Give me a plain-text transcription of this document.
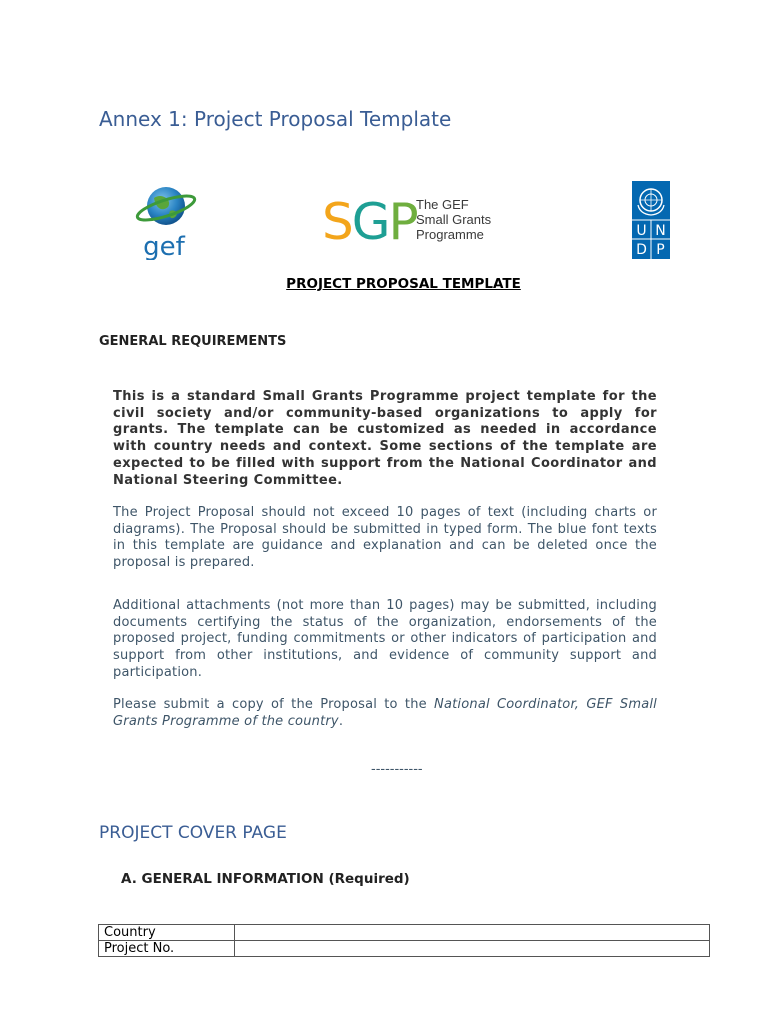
Annex 1: Project Proposal Template
gef	SGP The GEF
Small Grants
Programme	U N
D P
PROJECT PROPOSAL TEMPLATE
GENERAL REQUIREMENTS

This is a standard Small Grants Programme project template for the civil society and/or community-based organizations to apply for grants. The template can be customized as needed in accordance with country needs and context. Some sections of the template are expected to be filled with support from the National Coordinator and National Steering Committee.

The Project Proposal should not exceed 10 pages of text (including charts or diagrams). The Proposal should be submitted in typed form. The blue font texts in this template are guidance and explanation and can be deleted once the proposal is prepared.

Additional attachments (not more than 10 pages) may be submitted, including documents certifying the status of the organization, endorsements of the proposed project, funding commitments or other indicators of participation and support from other institutions, and evidence of community support and participation.

Please submit a copy of the Proposal to the National Coordinator, GEF Small Grants Programme of the country.

-----------
PROJECT COVER PAGE
A. GENERAL INFORMATION (Required)
Country	
Project No.	
